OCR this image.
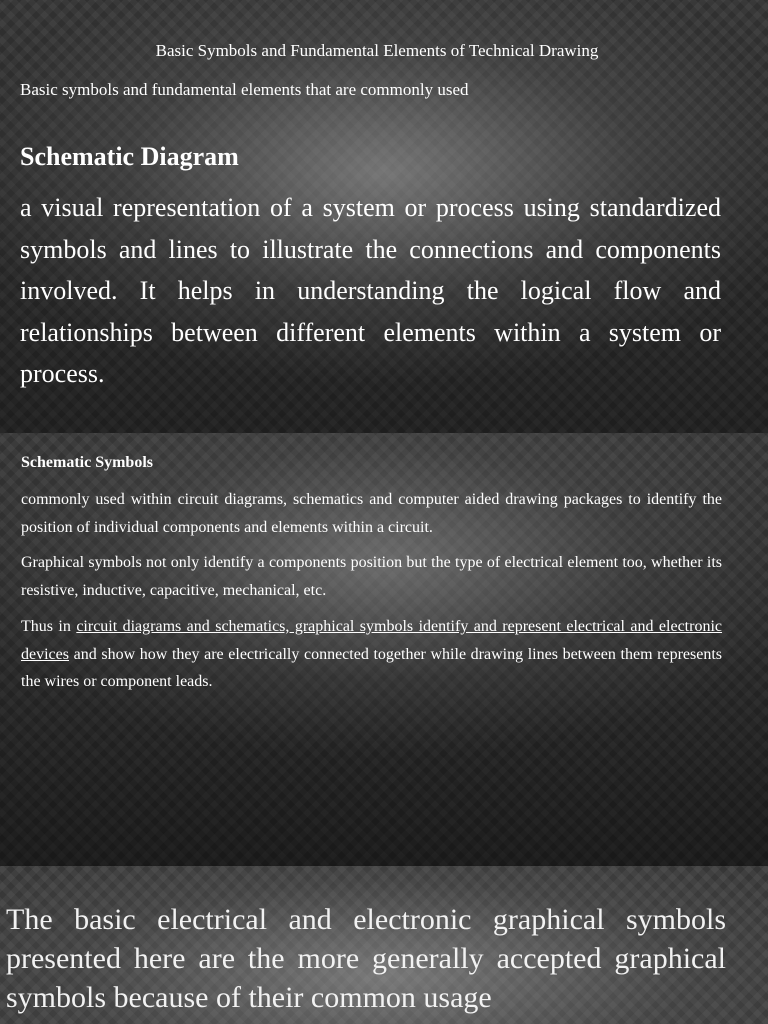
Basic Symbols and Fundamental Elements of Technical Drawing
Basic symbols and fundamental elements that are commonly used
Schematic Diagram
a visual representation of a system or process using standardized symbols and lines to illustrate the connections and components involved. It helps in understanding the logical flow and relationships between different elements within a system or process.
Schematic Symbols

commonly used within circuit diagrams, schematics and computer aided drawing packages to identify the position of individual components and elements within a circuit.

Graphical symbols not only identify a components position but the type of electrical element too, whether its resistive, inductive, capacitive, mechanical, etc.

Thus in circuit diagrams and schematics, graphical symbols identify and represent electrical and electronic devices and show how they are electrically connected together while drawing lines between them represents the wires or component leads.

The basic electrical and electronic graphical symbols presented here are the more generally accepted graphical symbols because of their common usage
